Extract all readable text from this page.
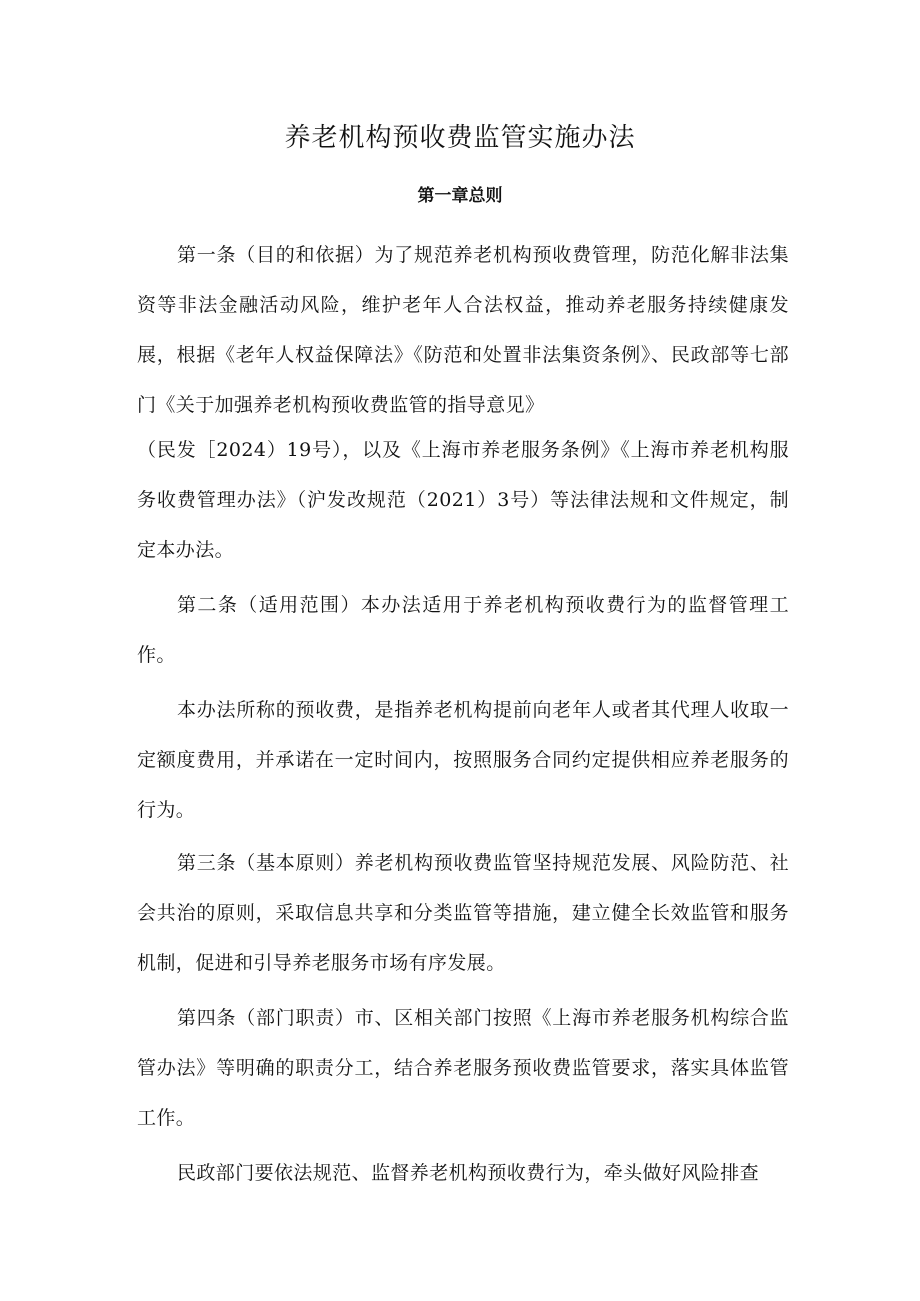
养老机构预收费监管实施办法
第一章总则

第一条（目的和依据）为了规范养老机构预收费管理，防范化解非法集资等非法金融活动风险，维护老年人合法权益，推动养老服务持续健康发展，根据《老年人权益保障法》《防范和处置非法集资条例》、民政部等七部门《关于加强养老机构预收费监管的指导意见》

（民发［2024）19号），以及《上海市养老服务条例》《上海市养老机构服务收费管理办法》（沪发改规范（2021）3号）等法律法规和文件规定，制定本办法。

第二条（适用范围）本办法适用于养老机构预收费行为的监督管理工作。

本办法所称的预收费，是指养老机构提前向老年人或者其代理人收取一定额度费用，并承诺在一定时间内，按照服务合同约定提供相应养老服务的行为。

第三条（基本原则）养老机构预收费监管坚持规范发展、风险防范、社会共治的原则，采取信息共享和分类监管等措施，建立健全长效监管和服务机制，促进和引导养老服务市场有序发展。

第四条（部门职责）市、区相关部门按照《上海市养老服务机构综合监管办法》等明确的职责分工，结合养老服务预收费监管要求，落实具体监管工作。

民政部门要依法规范、监督养老机构预收费行为，牵头做好风险排查
